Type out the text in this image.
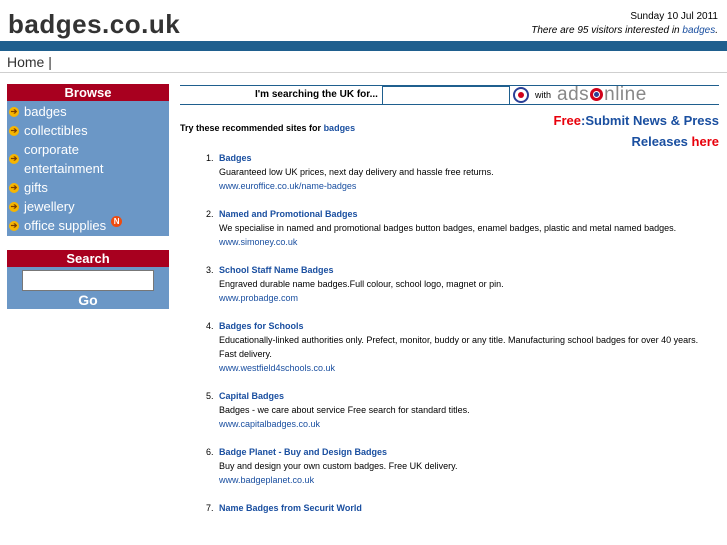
badges.co.uk	Sunday 10 Jul 2011
There are 95 visitors interested in badges.
Home |
Browse
➔ badges
➔ collectibles
➔
corporate entertainment
➔ gifts
➔ jewellery
➔ office supplies N
Search
Go
I'm searching the UK for...	with ads nline
Free:Submit News & Press
Releases here
Try these recommended sites for badges
1. Badges
Guaranteed low UK prices, next day delivery and hassle free returns.
www.euroffice.co.uk/name-badges
2. Named and Promotional Badges
We specialise in named and promotional badges button badges, enamel badges, plastic and metal named badges.
www.simoney.co.uk
3. School Staff Name Badges
Engraved durable name badges.Full colour, school logo, magnet or pin.
www.probadge.com
4. Badges for Schools
Educationally-linked authorities only. Prefect, monitor, buddy or any title. Manufacturing school badges for over 40 years. Fast delivery.
www.westfield4schools.co.uk
5. Capital Badges
Badges - we care about service Free search for standard titles.
www.capitalbadges.co.uk
6. Badge Planet - Buy and Design Badges
Buy and design your own custom badges. Free UK delivery.
www.badgeplanet.co.uk
7. Name Badges from Securit World
